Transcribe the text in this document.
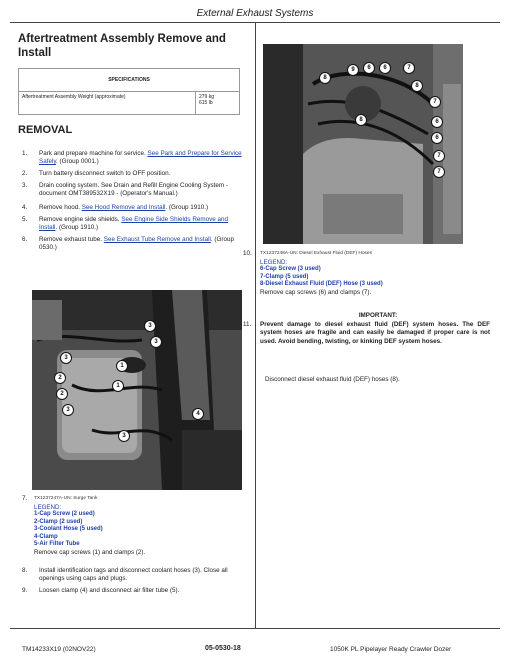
External Exhaust Systems
Aftertreatment Assembly Remove and Install
SPECIFICATIONS
Aftertreatment Assembly Weight (approximate)	279 kg
615 lb
REMOVAL
1. Park and prepare machine for service. See Park and Prepare for Service Safely. (Group 0001.)
2. Turn battery disconnect switch to OFF position.
3. Drain cooling system. See Drain and Refill Engine Cooling System - document OMT389532X19 - (Operator's Manual.)
4. Remove hood. See Hood Remove and Install. (Group 1910.)
5. Remove engine side shields. See Engine Side Shields Remove and Install. (Group 1910.)
6. Remove exhaust tube. See Exhaust Tube Remove and Install. (Group 0530.)
3
3
3
1
2
1
2
3
4
3
7. TX1237247A-UN: Surge Tank
LEGEND:
1-Cap Screw (2 used)
2-Clamp (2 used)
3-Coolant Hose (5 used)
4-Clamp
5-Air Filter Tube
Remove cap screws (1) and clamps (2).
8. Install identification tags and disconnect coolant hoses (3). Close all openings using caps and plugs.
9. Loosen clamp (4) and disconnect air filter tube (5).
8
9	6	6	7
8
7
6
6
7
7
8
10. TX1237248A-UN: Diesel Exhaust Fluid (DEF) Hoses
LEGEND:
6-Cap Screw (3 used)
7-Clamp (5 used)
8-Diesel Exhaust Fluid (DEF) Hose (3 used)
Remove cap screws (6) and clamps (7).
IMPORTANT:
11. Prevent damage to diesel exhaust fluid (DEF) system hoses. The DEF system hoses are fragile and can easily be damaged if proper care is not used. Avoid bending, twisting, or kinking DEF system hoses.
Disconnect diesel exhaust fluid (DEF) hoses (8).
TM14233X19 (02NOV22)	05-0530-18	1050K PL Pipelayer Ready Crawler Dozer
